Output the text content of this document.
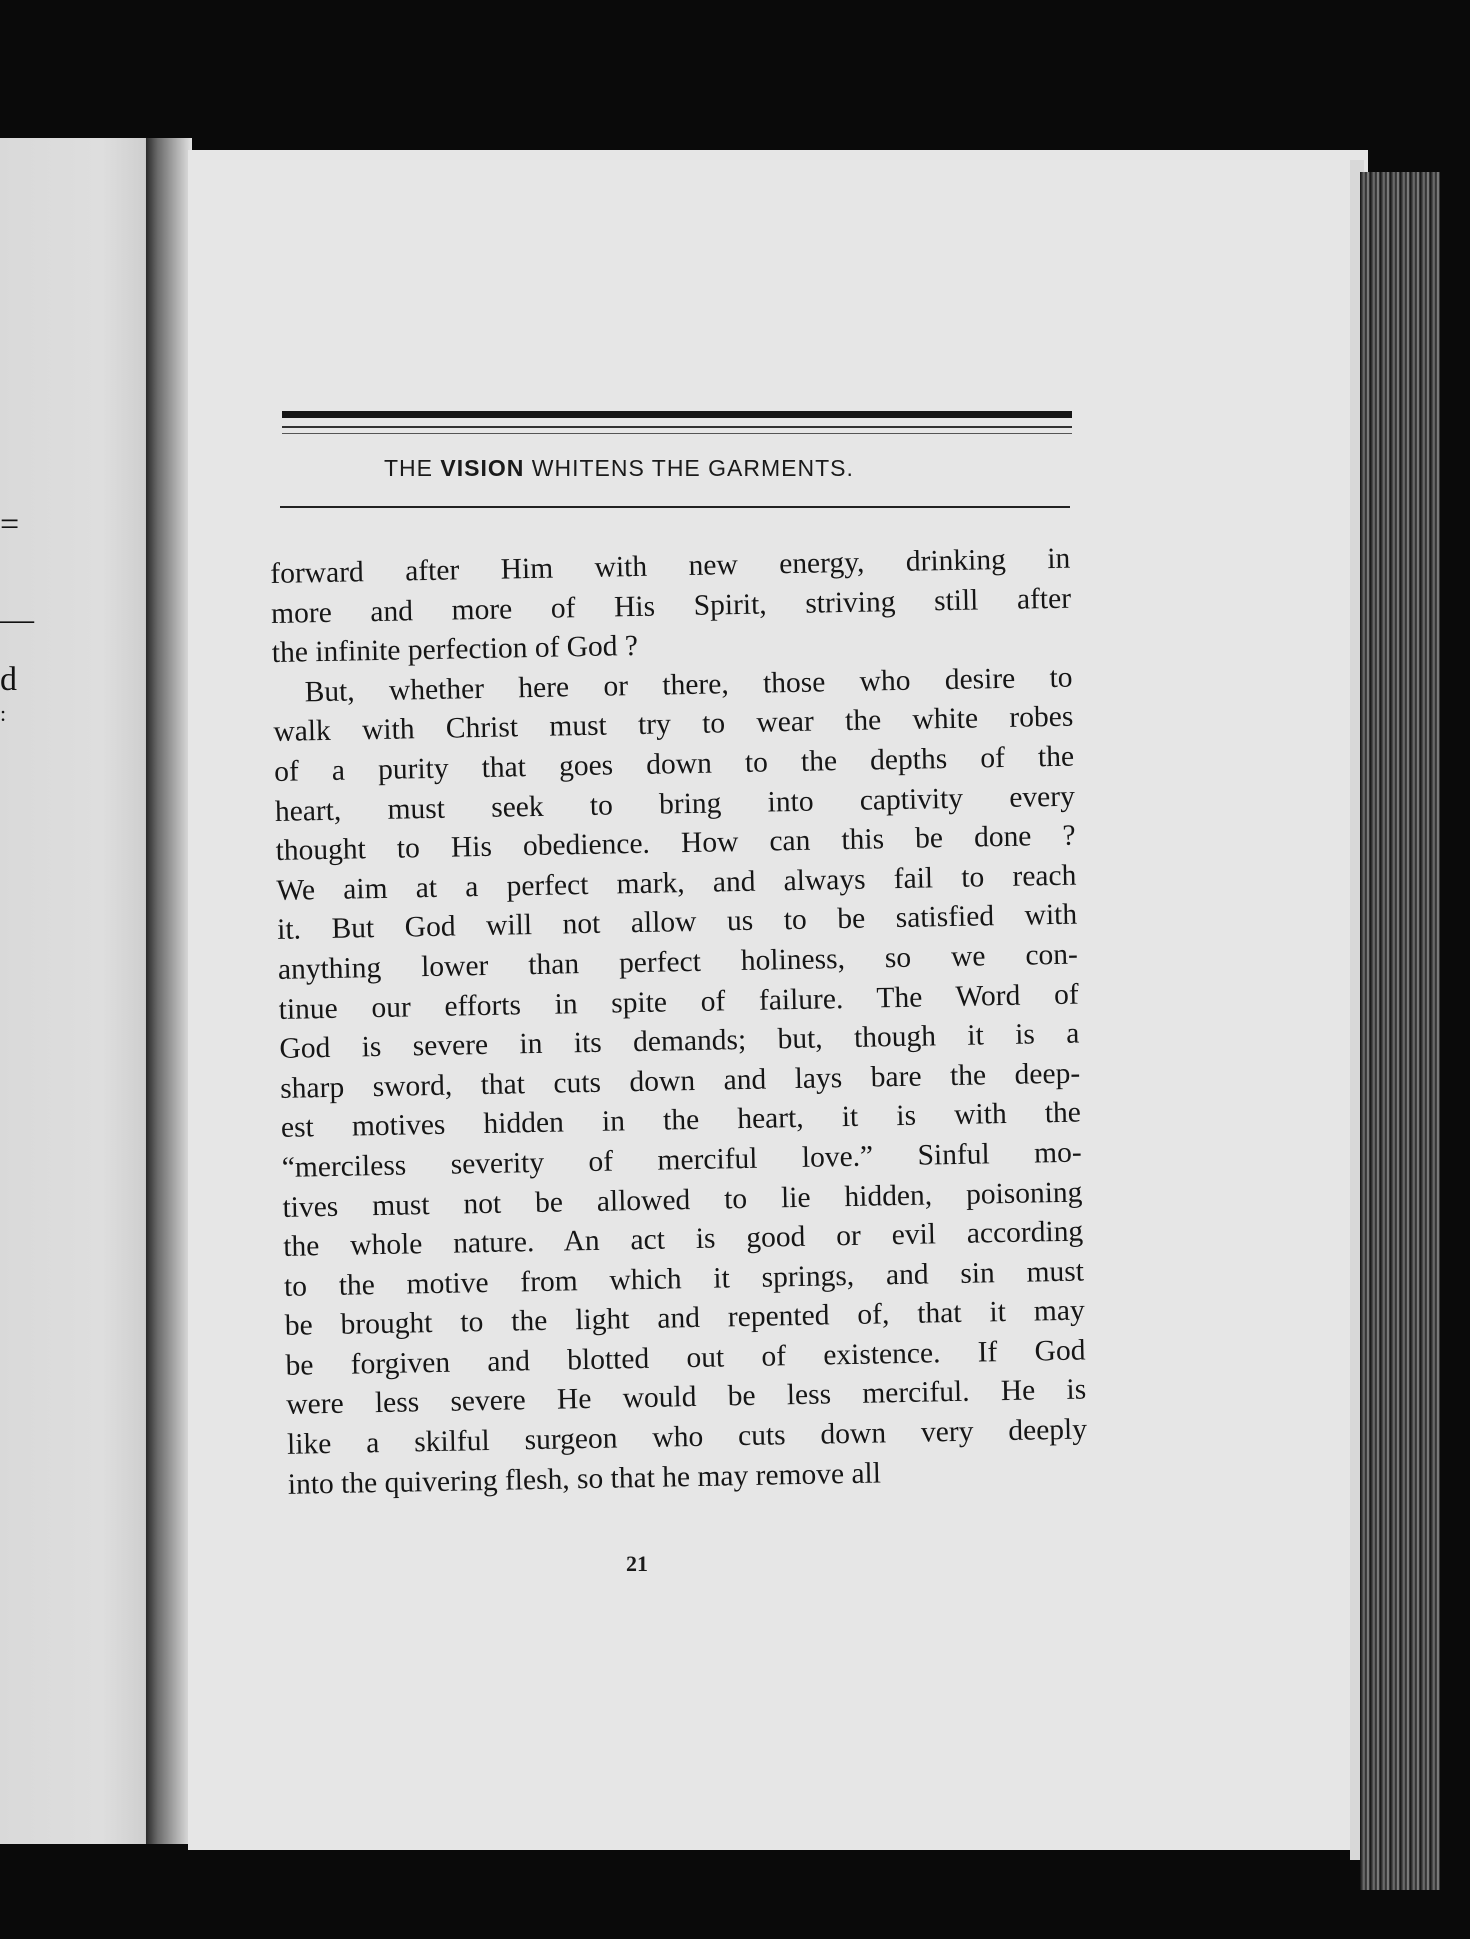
=
—
d
:
THE VISION WHITENS THE GARMENTS.

forward after Him with new energy, drinking in
more and more of His Spirit, striving still after
the infinite perfection of God ?

But, whether here or there, those who desire to
walk with Christ must try to wear the white robes
of a purity that goes down to the depths of the
heart, must seek to bring into captivity every
thought to His obedience. How can this be done ?
We aim at a perfect mark, and always fail to reach
it. But God will not allow us to be satisfied with
anything lower than perfect holiness, so we con-
tinue our efforts in spite of failure. The Word of
God is severe in its demands; but, though it is a
sharp sword, that cuts down and lays bare the deep-
est motives hidden in the heart, it is with the
“merciless severity of merciful love.” Sinful mo-
tives must not be allowed to lie hidden, poisoning
the whole nature. An act is good or evil according
to the motive from which it springs, and sin must
be brought to the light and repented of, that it may
be forgiven and blotted out of existence. If God
were less severe He would be less merciful. He is
like a skilful surgeon who cuts down very deeply
into the quivering flesh, so that he may remove all

21
